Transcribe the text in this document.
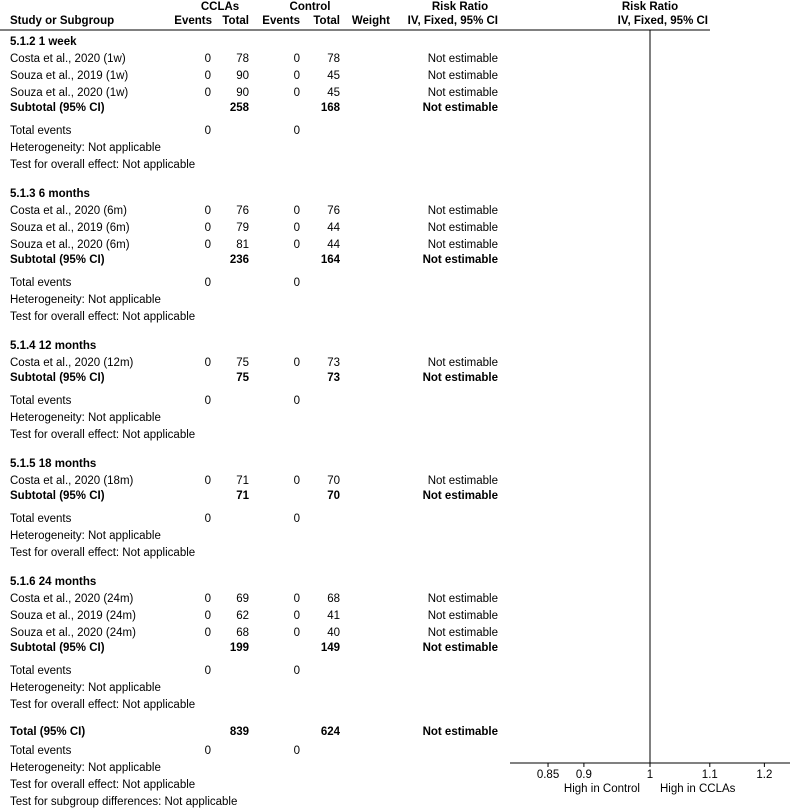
CCLAs	Control	Risk Ratio	Risk Ratio
Study or Subgroup	Events Total	Events	Total	Weight	IV, Fixed, 95% CI	IV, Fixed, 95% CI
5.1.2 1 week
Costa et al., 2020 (1w)	0	78	0	78	Not estimable
Souza et al., 2019 (1w)	0	90	0	45	Not estimable
Souza et al., 2020 (1w)	0	90	0	45	Not estimable
Subtotal (95% CI)	258	168	Not estimable
Total events	0	0
Heterogeneity: Not applicable
Test for overall effect: Not applicable
5.1.3 6 months
Costa et al., 2020 (6m)	0	76	0	76	Not estimable
Souza et al., 2019 (6m)	0	79	0	44	Not estimable
Souza et al., 2020 (6m)	0	81	0	44	Not estimable
Subtotal (95% CI)	236	164	Not estimable
Total events	0	0
Heterogeneity: Not applicable
Test for overall effect: Not applicable
5.1.4 12 months
Costa et al., 2020 (12m)	0	75	0	73	Not estimable
Subtotal (95% CI)	75	73	Not estimable
Total events	0	0
Heterogeneity: Not applicable
Test for overall effect: Not applicable
5.1.5 18 months
Costa et al., 2020 (18m)	0	71	0	70	Not estimable
Subtotal (95% CI)	71	70	Not estimable
Total events	0	0
Heterogeneity: Not applicable
Test for overall effect: Not applicable
5.1.6 24 months
Costa et al., 2020 (24m)	0	69	0	68	Not estimable
Souza et al., 2019 (24m)	0	62	0	41	Not estimable
Souza et al., 2020 (24m)	0	68	0	40	Not estimable
Subtotal (95% CI)	199	149	Not estimable
Total events	0	0
Heterogeneity: Not applicable
Test for overall effect: Not applicable
Total (95% CI)	839	624	Not estimable
Total events	0	0
Heterogeneity: Not applicable
Test for overall effect: Not applicable
Test for subgroup differences: Not applicable
0.85 0.9	1	1.1	1.2
High in Control High in CCLAs
